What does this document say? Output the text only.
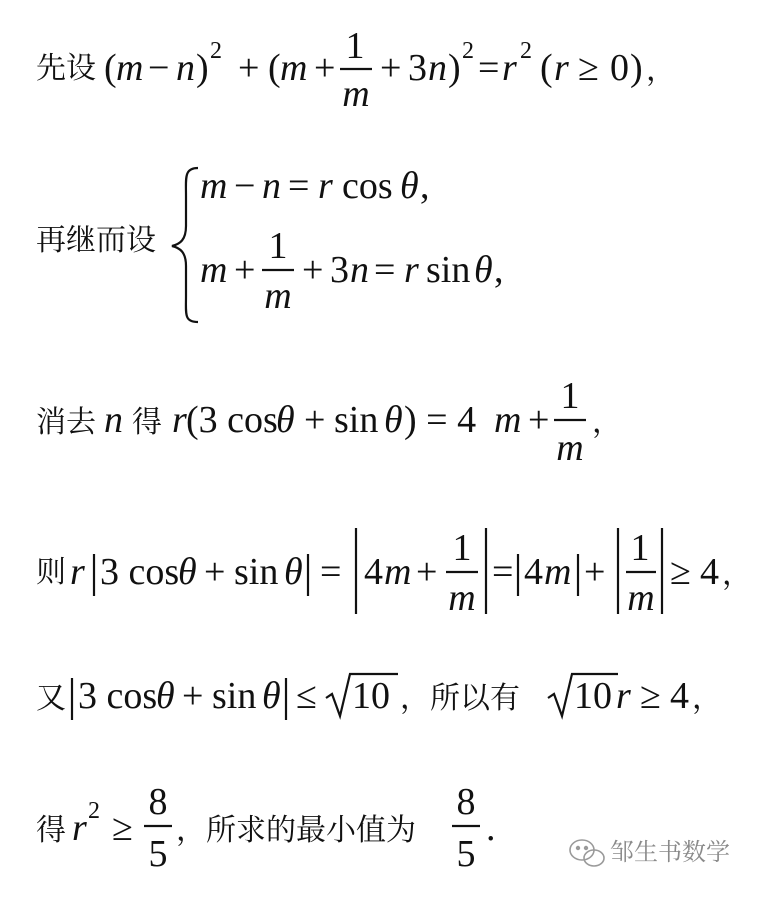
先设 ( m − n ) 2 + ( m +
1
m
+ 3 n ) 2 = r 2 ( r ≥ 0 ) ，
再继而设
m − n = r cos θ ,
m +
1
m
+ 3 n = r sin θ ,
消去 n 得 r (3 cos
θ + sin θ ) = 4 m +
1
m
，
则 r 3 cos
θ + sin θ = 4 m +
1
m
= 4 m +
1
m
≥ 4 ，
又 3 cos
θ + sin θ ≤ 10 ，所以有 10 r ≥ 4 ，
得 r 2 ≥
8
5
，所求的最小值为
8
5
.
邹生书数学
